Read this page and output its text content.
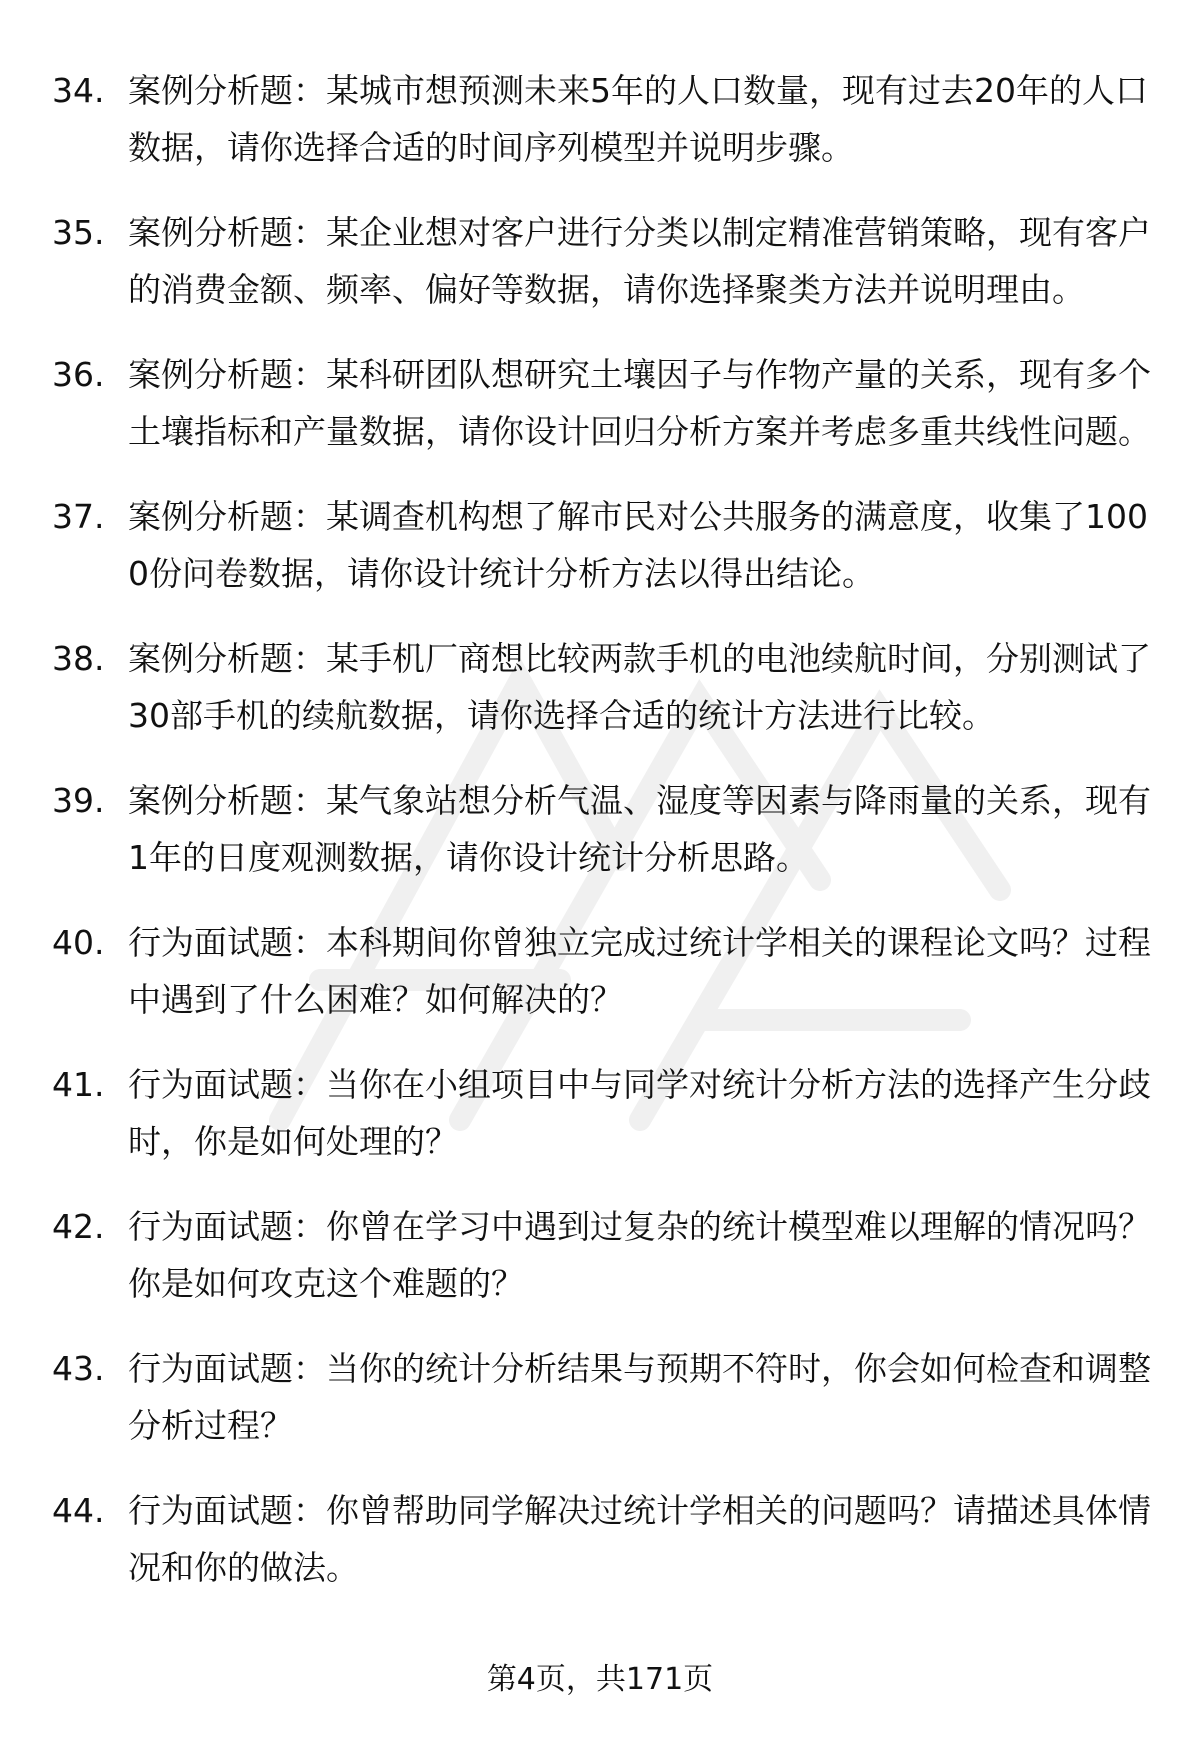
34. 案例分析题：某城市想预测未来5年的人口数量，现有过去20年的人口数据，请你选择合适的时间序列模型并说明步骤。
35. 案例分析题：某企业想对客户进行分类以制定精准营销策略，现有客户的消费金额、频率、偏好等数据，请你选择聚类方法并说明理由。
36. 案例分析题：某科研团队想研究土壤因子与作物产量的关系，现有多个土壤指标和产量数据，请你设计回归分析方案并考虑多重共线性问题。
37. 案例分析题：某调查机构想了解市民对公共服务的满意度，收集了1000份问卷数据，请你设计统计分析方法以得出结论。
38. 案例分析题：某手机厂商想比较两款手机的电池续航时间，分别测试了30部手机的续航数据，请你选择合适的统计方法进行比较。
39. 案例分析题：某气象站想分析气温、湿度等因素与降雨量的关系，现有1年的日度观测数据，请你设计统计分析思路。
40. 行为面试题：本科期间你曾独立完成过统计学相关的课程论文吗？过程中遇到了什么困难？如何解决的？
41. 行为面试题：当你在小组项目中与同学对统计分析方法的选择产生分歧时，你是如何处理的？
42. 行为面试题：你曾在学习中遇到过复杂的统计模型难以理解的情况吗？你是如何攻克这个难题的？
43. 行为面试题：当你的统计分析结果与预期不符时，你会如何检查和调整分析过程？
44. 行为面试题：你曾帮助同学解决过统计学相关的问题吗？请描述具体情况和你的做法。
第4页，共171页
